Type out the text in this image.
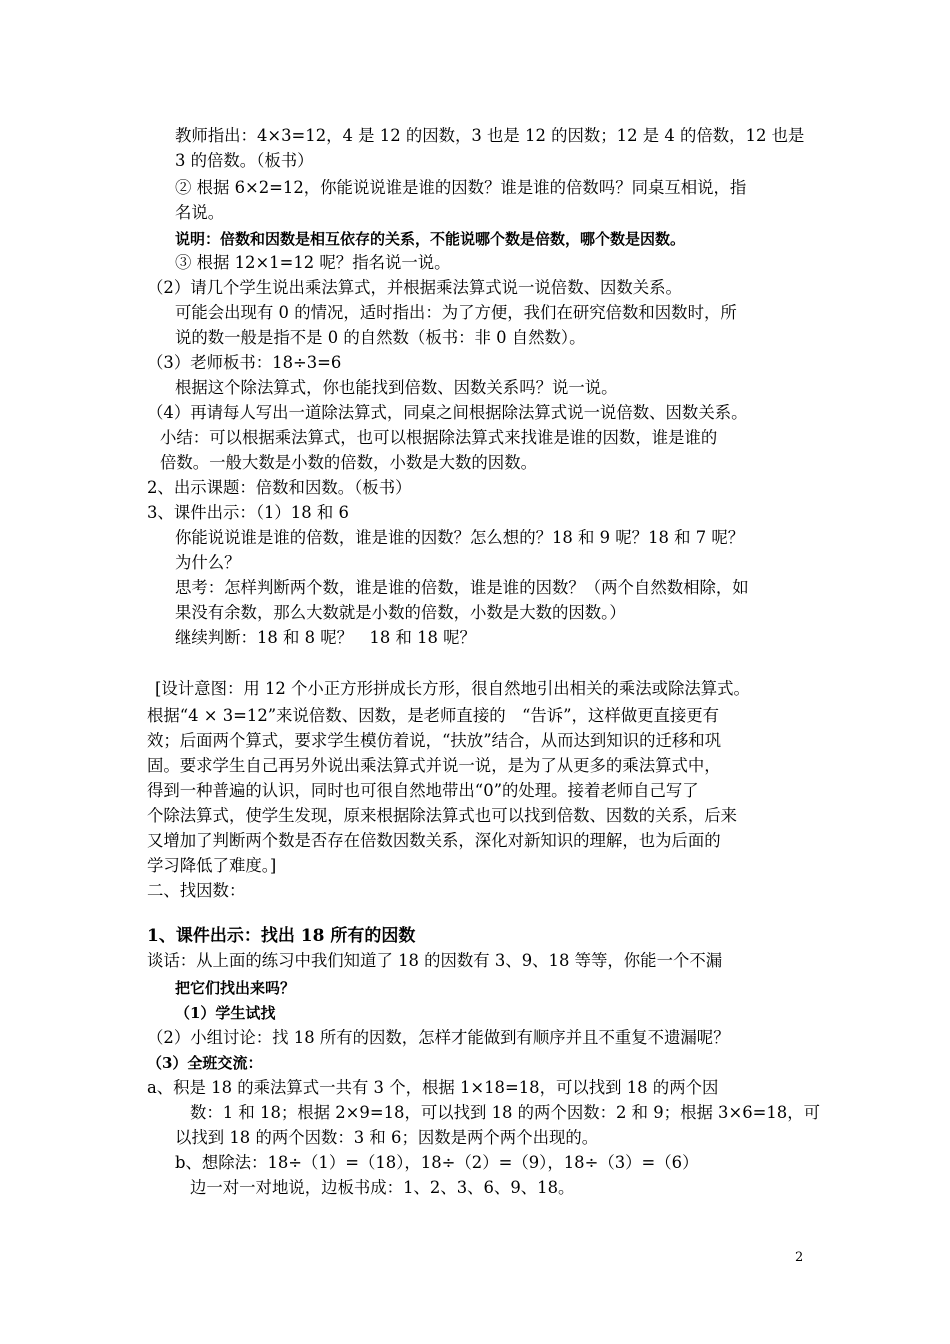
教师指出：4×3=12，4 是 12 的因数，3 也是 12 的因数；12 是 4 的倍数，12 也是
3 的倍数。（板书）
② 根据 6×2=12，你能说说谁是谁的因数？谁是谁的倍数吗？同桌互相说，指
名说。
说明：倍数和因数是相互依存的关系，不能说哪个数是倍数，哪个数是因数。
③ 根据 12×1=12 呢？指名说一说。
（2）请几个学生说出乘法算式，并根据乘法算式说一说倍数、因数关系。
可能会出现有 0 的情况，适时指出：为了方便，我们在研究倍数和因数时，所
说的数一般是指不是 0 的自然数（板书：非 0 自然数）。
（3）老师板书：18÷3=6
根据这个除法算式，你也能找到倍数、因数关系吗？说一说。
（4）再请每人写出一道除法算式，同桌之间根据除法算式说一说倍数、因数关系。
小结：可以根据乘法算式，也可以根据除法算式来找谁是谁的因数，谁是谁的
倍数。一般大数是小数的倍数，小数是大数的因数。
2、出示课题：倍数和因数。（板书）
3、课件出示：（1）18 和 6
你能说说谁是谁的倍数，谁是谁的因数？怎么想的？18 和 9 呢？18 和 7 呢？
为什么？
思考：怎样判断两个数，谁是谁的倍数，谁是谁的因数？（两个自然数相除，如
果没有余数，那么大数就是小数的倍数，小数是大数的因数。）
继续判断：18 和 8 呢？　18 和 18 呢？
[设计意图：用 12 个小正方形拼成长方形，很自然地引出相关的乘法或除法算式。
根据“4 × 3=12”来说倍数、因数，是老师直接的　“告诉”，这样做更直接更有
效；后面两个算式，要求学生模仿着说，“扶放”结合，从而达到知识的迁移和巩
固。要求学生自己再另外说出乘法算式并说一说，是为了从更多的乘法算式中，
得到一种普遍的认识，同时也可很自然地带出“0”的处理。接着老师自己写了
个除法算式，使学生发现，原来根据除法算式也可以找到倍数、因数的关系，后来
又增加了判断两个数是否存在倍数因数关系，深化对新知识的理解，也为后面的
学习降低了难度。]
二、找因数：
1、课件出示：找出 18 所有的因数
谈话：从上面的练习中我们知道了 18 的因数有 3、9、18 等等，你能一个不漏
把它们找出来吗？
（1）学生试找
（2）小组讨论：找 18 所有的因数，怎样才能做到有顺序并且不重复不遗漏呢？
（3）全班交流：
a、积是 18 的乘法算式一共有 3 个，根据 1×18=18，可以找到 18 的两个因
数：1 和 18；根据 2×9=18，可以找到 18 的两个因数：2 和 9；根据 3×6=18，可
以找到 18 的两个因数：3 和 6；因数是两个两个出现的。
b、想除法：18÷（1）=（18），18÷（2）=（9），18÷（3）=（6）
边一对一对地说，边板书成：1、2、3、6、9、18。
2
